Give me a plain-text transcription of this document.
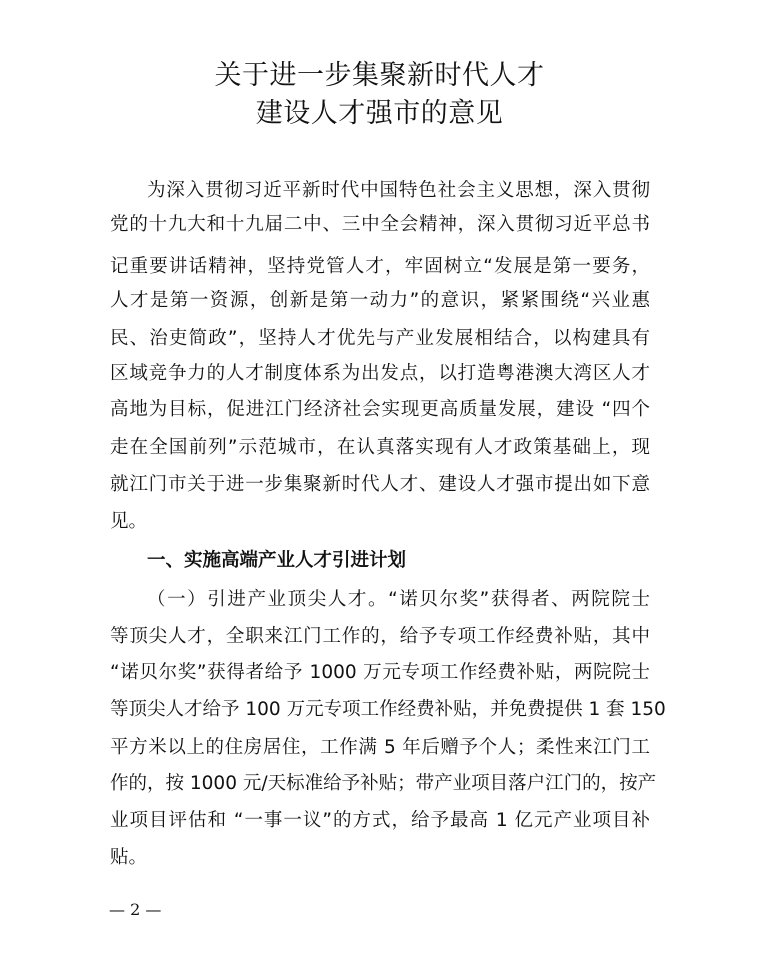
关于进一步集聚新时代人才
建设人才强市的意见
为深入贯彻习近平新时代中国特色社会主义思想，深入贯彻
党的十九大和十九届二中、三中全会精神，深入贯彻习近平总书
记重要讲话精神，坚持党管人才，牢固树立“发展是第一要务，
人才是第一资源，创新是第一动力”的意识，紧紧围绕“兴业惠
民、治吏简政”，坚持人才优先与产业发展相结合，以构建具有
区域竞争力的人才制度体系为出发点，以打造粤港澳大湾区人才
高地为目标，促进江门经济社会实现更高质量发展，建设 “四个
走在全国前列”示范城市，在认真落实现有人才政策基础上，现
就江门市关于进一步集聚新时代人才、建设人才强市提出如下意
见。
一、实施高端产业人才引进计划
（一）引进产业顶尖人才。“诺贝尔奖”获得者、两院院士
等顶尖人才，全职来江门工作的，给予专项工作经费补贴，其中
“诺贝尔奖”获得者给予 1000 万元专项工作经费补贴，两院院士
等顶尖人才给予 100 万元专项工作经费补贴，并免费提供 1 套 150
平方米以上的住房居住，工作满 5 年后赠予个人；柔性来江门工
作的，按 1000 元/天标准给予补贴；带产业项目落户江门的，按产
业项目评估和 “一事一议”的方式，给予最高 1 亿元产业项目补
贴。
— 2 —
